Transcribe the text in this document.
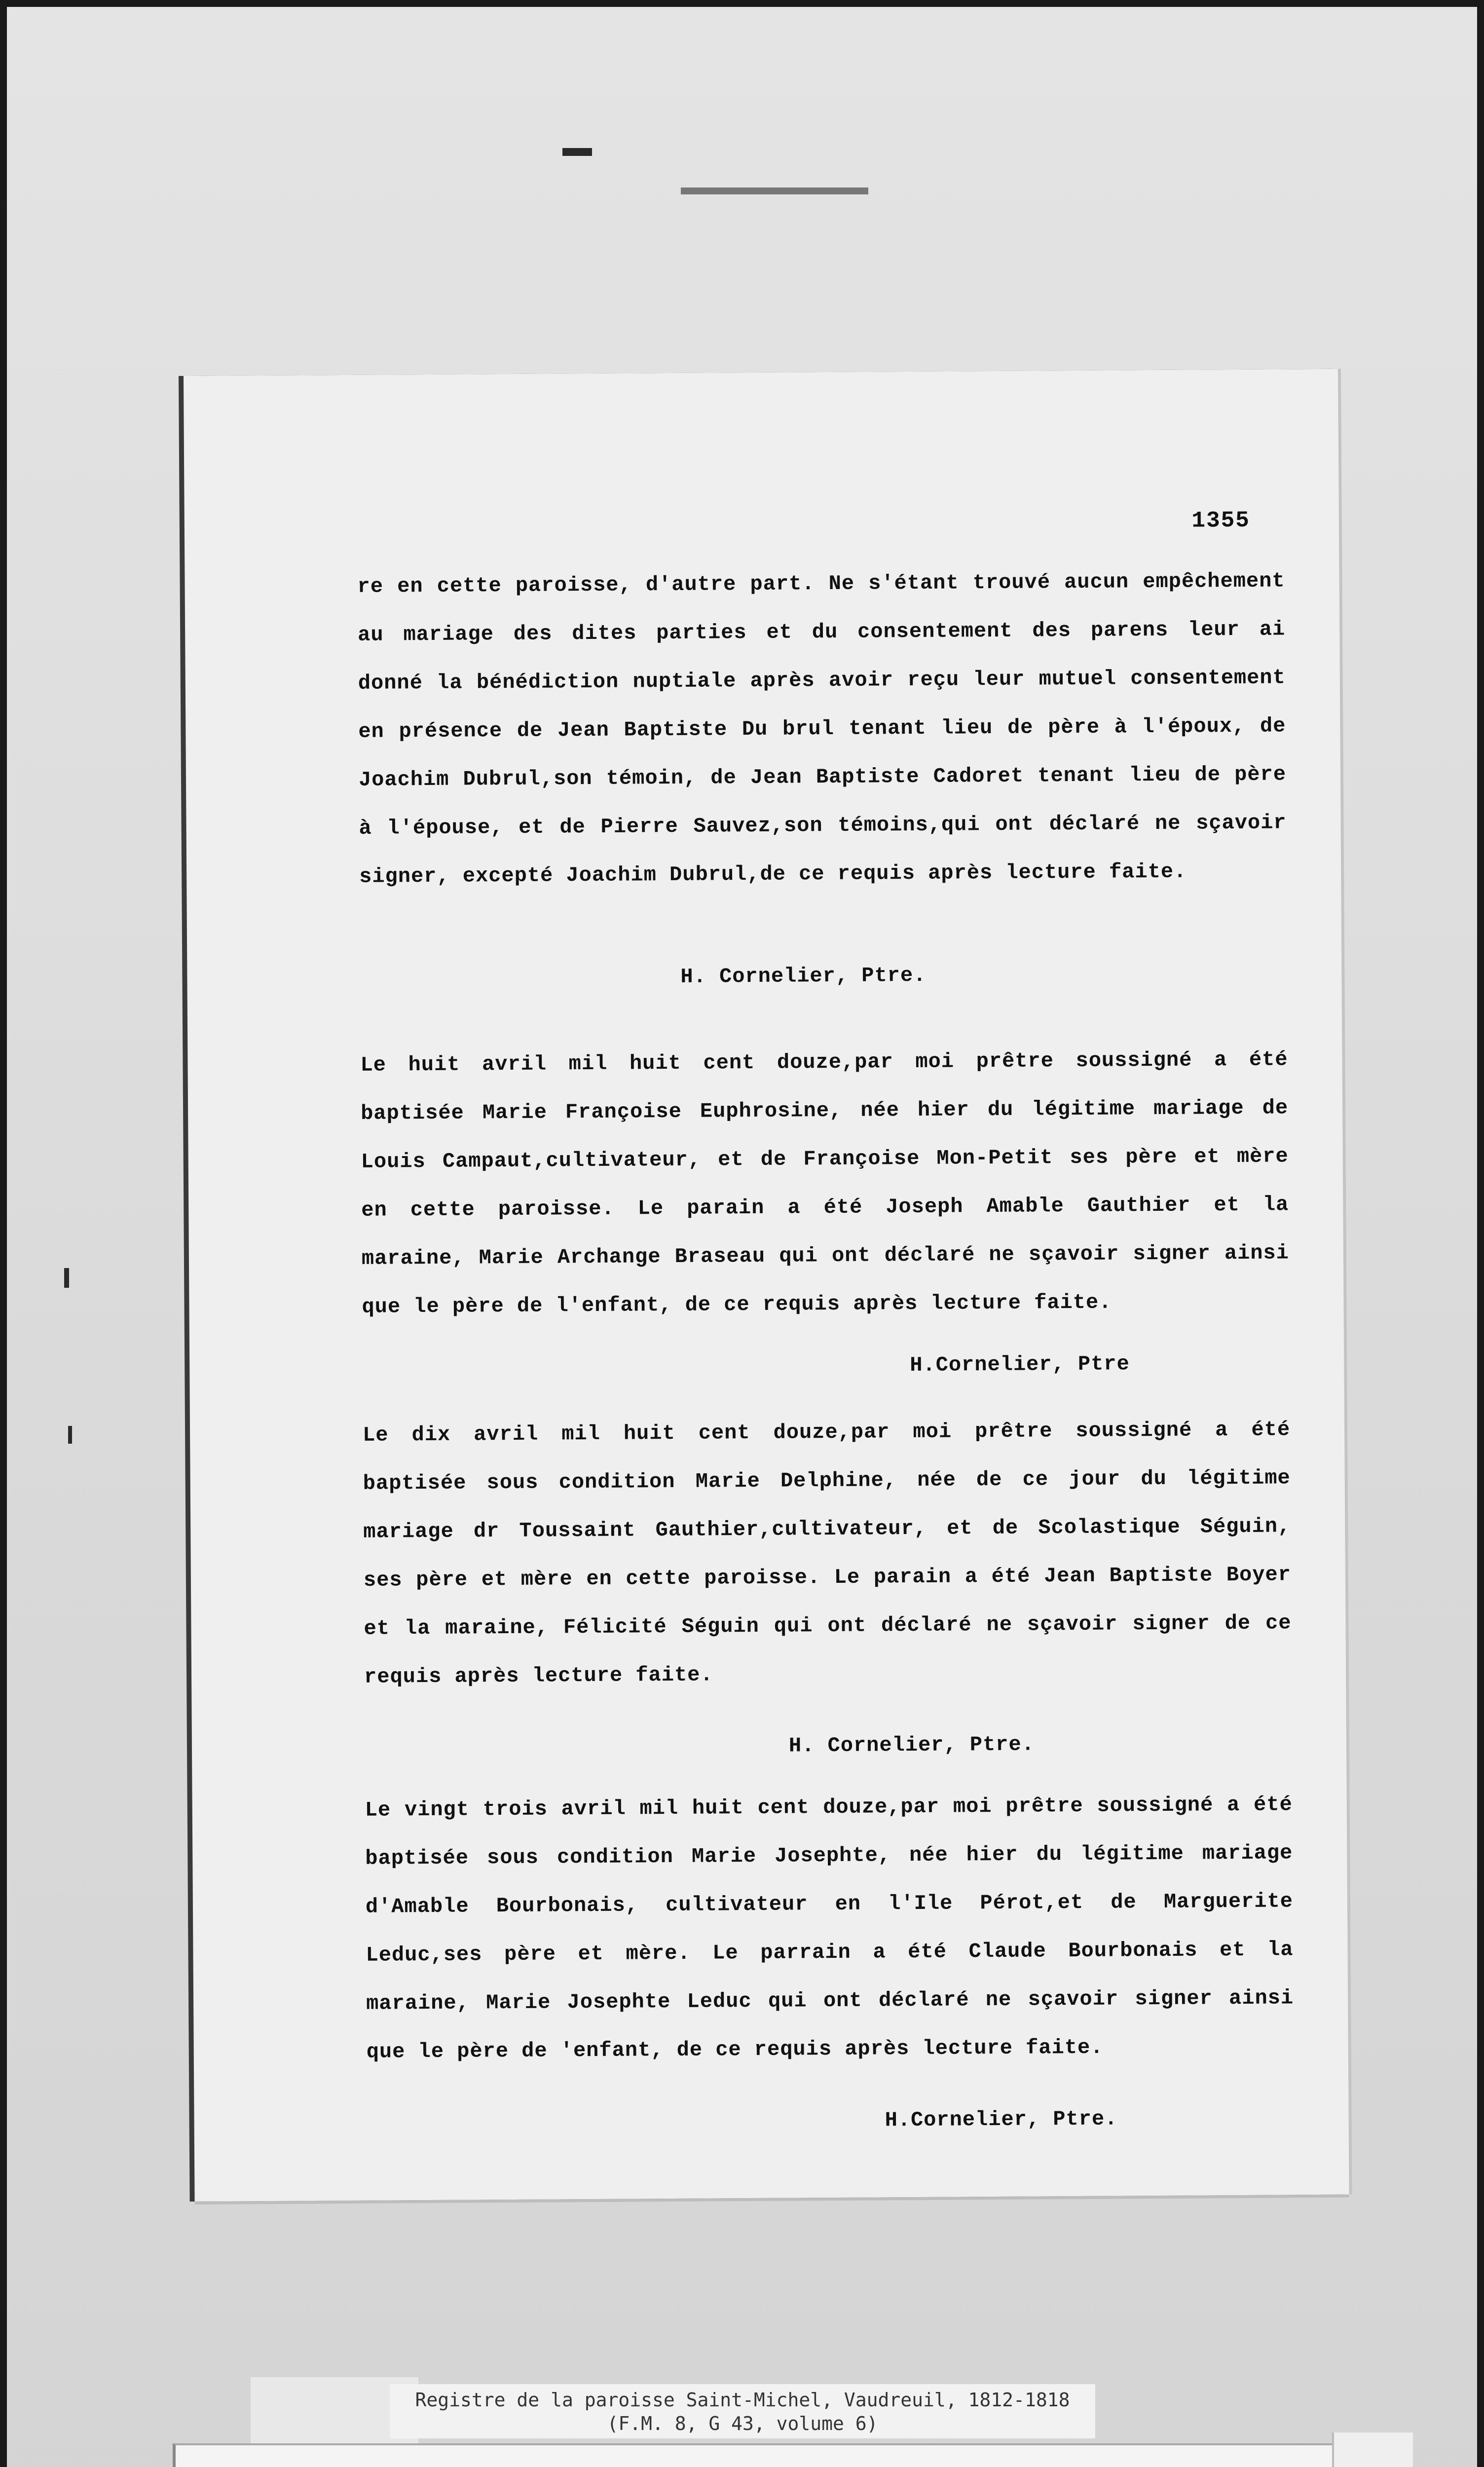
1355

re en cette paroisse, d'autre part. Ne s'étant trouvé aucun empêchement au mariage des dites parties et du consentement des parens leur ai donné la bénédiction nuptiale après avoir reçu leur mutuel consentement en présence de Jean Baptiste Du brul tenant lieu de père à l'époux, de Joachim Dubrul,son témoin, de Jean Baptiste Cadoret tenant lieu de père à l'épouse, et de Pierre Sauvez,son témoins,qui ont déclaré ne sçavoir signer, excepté Joachim Dubrul,de ce requis après lecture faite.

H. Cornelier, Ptre.

Le huit avril mil huit cent douze,par moi prêtre soussigné a été baptisée Marie Françoise Euphrosine, née hier du légitime mariage de Louis Campaut,cultivateur, et de Françoise Mon-Petit ses père et mère en cette paroisse. Le parain a été Joseph Amable Gauthier et la maraine, Marie Archange Braseau qui ont déclaré ne sçavoir signer ainsi que le père de l'enfant, de ce requis après lecture faite.

H.Cornelier, Ptre

Le dix avril mil huit cent douze,par moi prêtre soussigné a été baptisée sous condition Marie Delphine, née de ce jour du légitime mariage dr Toussaint Gauthier,cultivateur, et de Scolastique Séguin, ses père et mère en cette paroisse. Le parain a été Jean Baptiste Boyer et la maraine, Félicité Séguin qui ont déclaré ne sçavoir signer de ce requis après lecture faite.

H. Cornelier, Ptre.

Le vingt trois avril mil huit cent douze,par moi prêtre soussigné a été baptisée sous condition Marie Josephte, née hier du légitime mariage d'Amable Bourbonais, cultivateur en l'Ile Pérot,et de Marguerite Leduc,ses père et mère. Le parrain a été Claude Bourbonais et la maraine, Marie Josephte Leduc qui ont déclaré ne sçavoir signer ainsi que le père de 'enfant, de ce requis après lecture faite.

H.Cornelier, Ptre.
Registre de la paroisse Saint-Michel, Vaudreuil, 1812-1818
(F.M. 8, G 43, volume 6)
